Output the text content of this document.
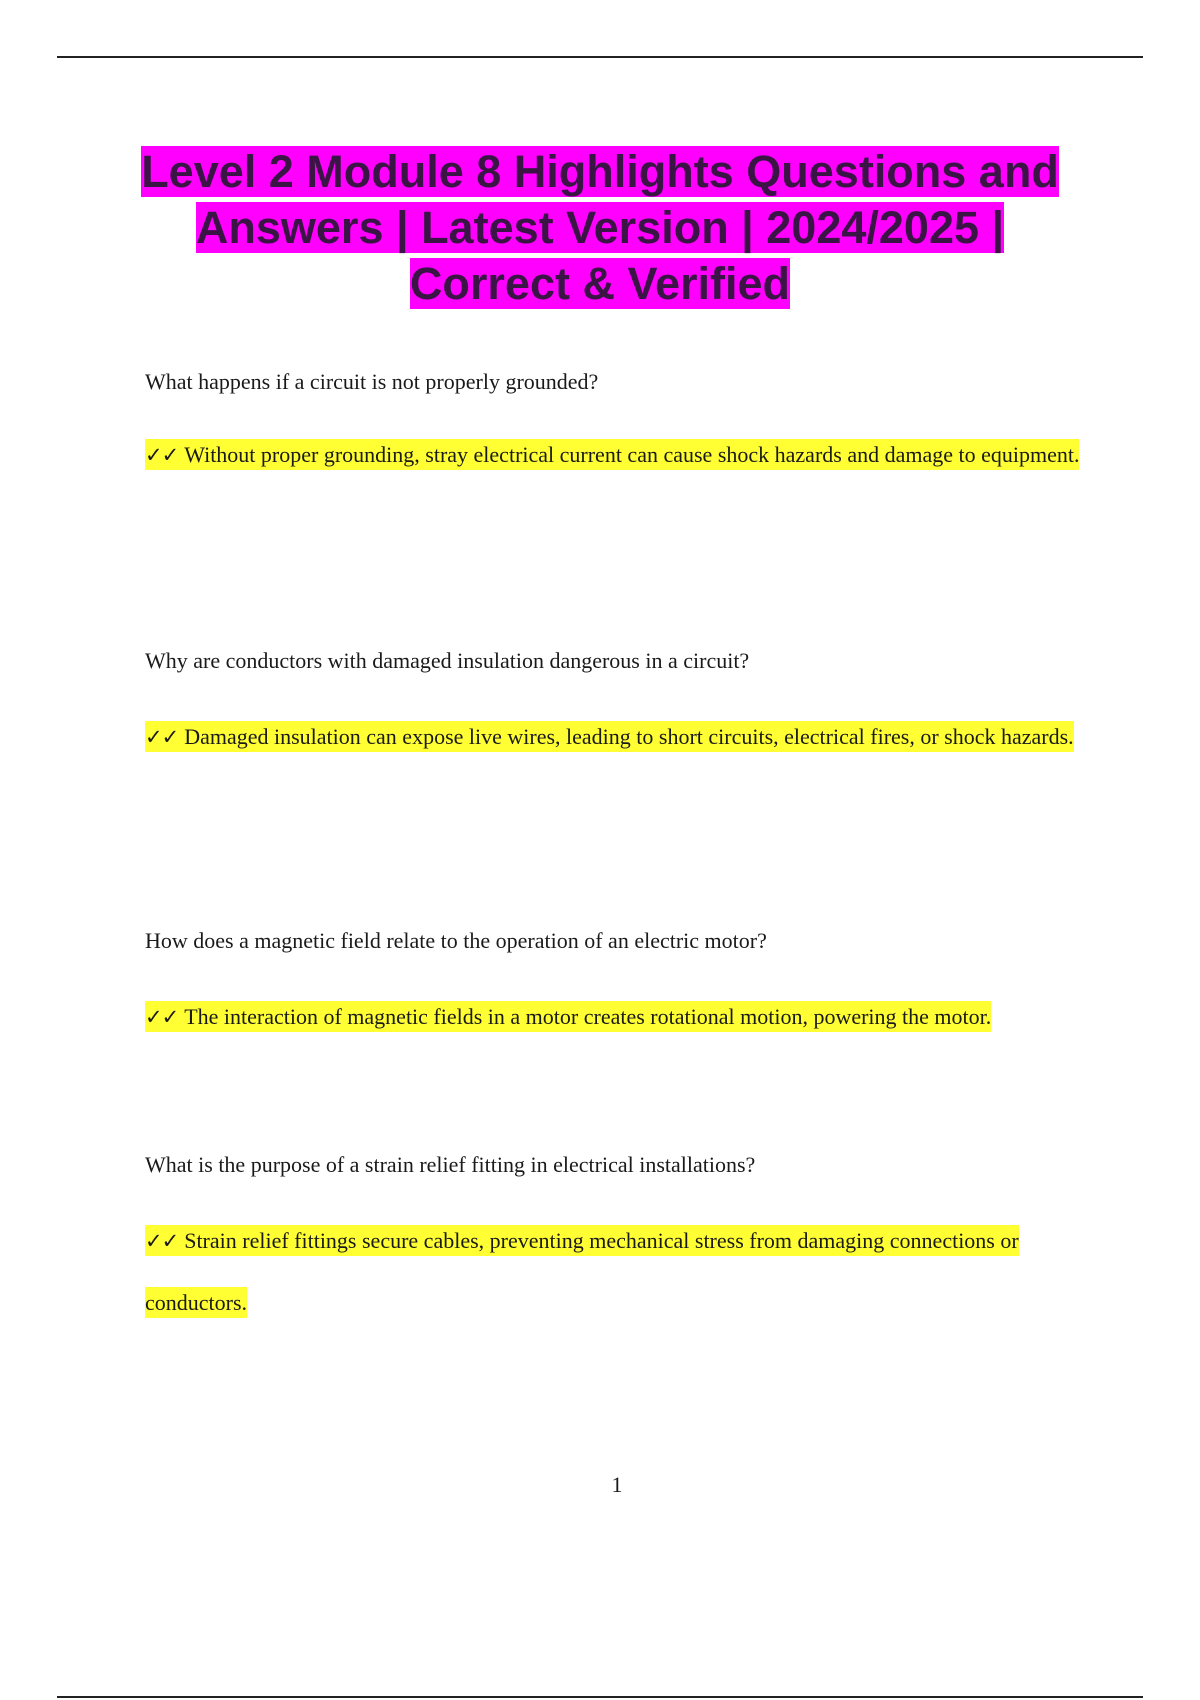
Level 2 Module 8 Highlights Questions and Answers | Latest Version | 2024/2025 | Correct & Verified

What happens if a circuit is not properly grounded?

✓✓ Without proper grounding, stray electrical current can cause shock hazards and damage to equipment.

Why are conductors with damaged insulation dangerous in a circuit?

✓✓ Damaged insulation can expose live wires, leading to short circuits, electrical fires, or shock hazards.

How does a magnetic field relate to the operation of an electric motor?

✓✓ The interaction of magnetic fields in a motor creates rotational motion, powering the motor.

What is the purpose of a strain relief fitting in electrical installations?

✓✓ Strain relief fittings secure cables, preventing mechanical stress from damaging connections or conductors.

1
